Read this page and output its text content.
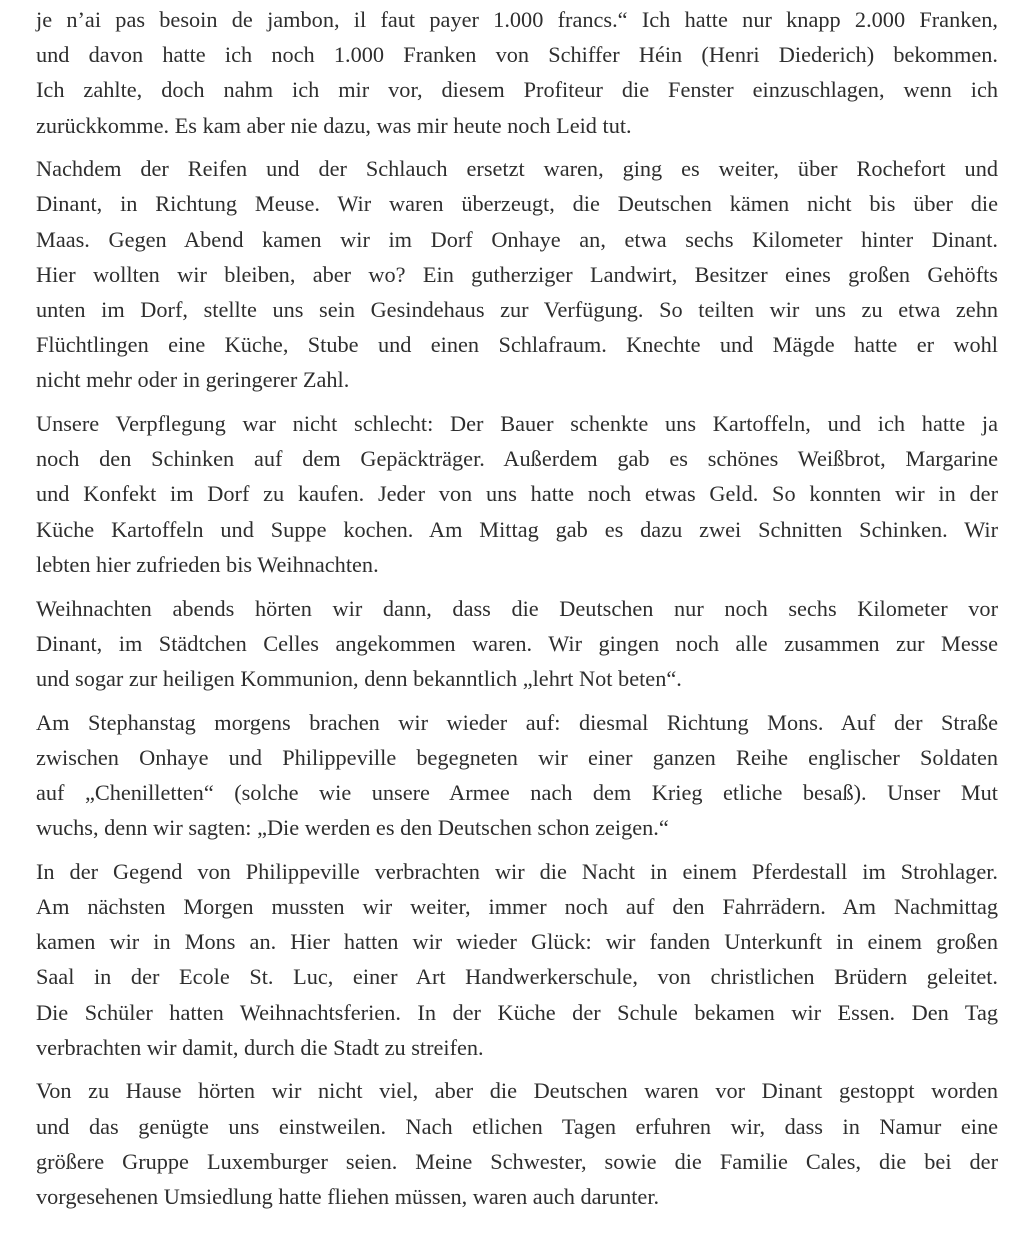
je n’ai pas besoin de jambon, il faut payer 1.000 francs.“ Ich hatte nur knapp 2.000 Franken,
und davon hatte ich noch 1.000 Franken von Schiffer Héin (Henri Diederich) bekommen.
Ich zahlte, doch nahm ich mir vor, diesem Profiteur die Fenster einzuschlagen, wenn ich
zurückkomme. Es kam aber nie dazu, was mir heute noch Leid tut.
Nachdem der Reifen und der Schlauch ersetzt waren, ging es weiter, über Rochefort und
Dinant, in Richtung Meuse. Wir waren überzeugt, die Deutschen kämen nicht bis über die
Maas. Gegen Abend kamen wir im Dorf Onhaye an, etwa sechs Kilometer hinter Dinant.
Hier wollten wir bleiben, aber wo? Ein gutherziger Landwirt, Besitzer eines großen Gehöfts
unten im Dorf, stellte uns sein Gesindehaus zur Verfügung. So teilten wir uns zu etwa zehn
Flüchtlingen eine Küche, Stube und einen Schlafraum. Knechte und Mägde hatte er wohl
nicht mehr oder in geringerer Zahl.
Unsere Verpflegung war nicht schlecht: Der Bauer schenkte uns Kartoffeln, und ich hatte ja
noch den Schinken auf dem Gepäckträger. Außerdem gab es schönes Weißbrot, Margarine
und Konfekt im Dorf zu kaufen. Jeder von uns hatte noch etwas Geld. So konnten wir in der
Küche Kartoffeln und Suppe kochen. Am Mittag gab es dazu zwei Schnitten Schinken. Wir
lebten hier zufrieden bis Weihnachten.
Weihnachten abends hörten wir dann, dass die Deutschen nur noch sechs Kilometer vor
Dinant, im Städtchen Celles angekommen waren. Wir gingen noch alle zusammen zur Messe
und sogar zur heiligen Kommunion, denn bekanntlich „lehrt Not beten“.
Am Stephanstag morgens brachen wir wieder auf: diesmal Richtung Mons. Auf der Straße
zwischen Onhaye und Philippeville begegneten wir einer ganzen Reihe englischer Soldaten
auf „Chenilletten“ (solche wie unsere Armee nach dem Krieg etliche besaß). Unser Mut
wuchs, denn wir sagten: „Die werden es den Deutschen schon zeigen.“
In der Gegend von Philippeville verbrachten wir die Nacht in einem Pferdestall im Strohlager.
Am nächsten Morgen mussten wir weiter, immer noch auf den Fahrrädern. Am Nachmittag
kamen wir in Mons an. Hier hatten wir wieder Glück: wir fanden Unterkunft in einem großen
Saal in der Ecole St. Luc, einer Art Handwerkerschule, von christlichen Brüdern geleitet.
Die Schüler hatten Weihnachtsferien. In der Küche der Schule bekamen wir Essen. Den Tag
verbrachten wir damit, durch die Stadt zu streifen.
Von zu Hause hörten wir nicht viel, aber die Deutschen waren vor Dinant gestoppt worden
und das genügte uns einstweilen. Nach etlichen Tagen erfuhren wir, dass in Namur eine
größere Gruppe Luxemburger seien. Meine Schwester, sowie die Familie Cales, die bei der
vorgesehenen Umsiedlung hatte fliehen müssen, waren auch darunter.
